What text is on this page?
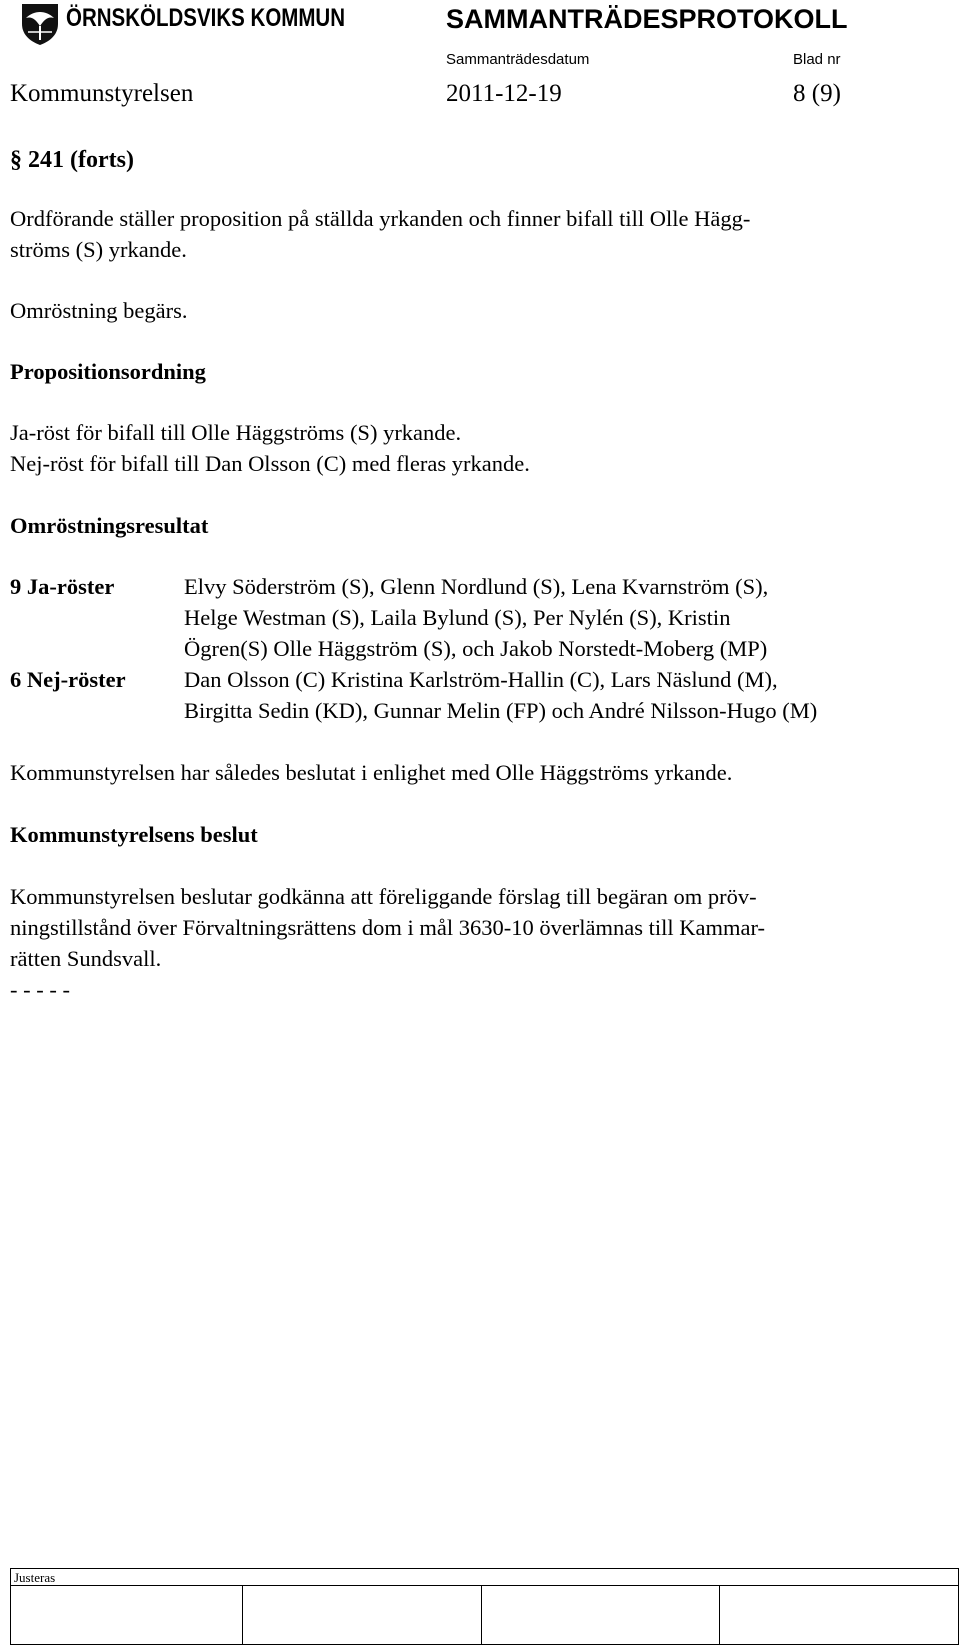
ÖRNSKÖLDSVIKS KOMMUN	SAMMANTRÄDESPROTOKOLL
Sammanträdesdatum	Blad nr
Kommunstyrelsen	2011-12-19	8 (9)
§ 241 (forts)
Ordförande ställer proposition på ställda yrkanden och finner bifall till Olle Hägg-
ströms (S) yrkande.
Omröstning begärs.
Propositionsordning
Ja-röst för bifall till Olle Häggströms (S) yrkande.
Nej-röst för bifall till Dan Olsson (C) med fleras yrkande.
Omröstningsresultat
9 Ja-röster	Elvy Söderström (S), Glenn Nordlund (S), Lena Kvarnström (S),
Helge Westman (S), Laila Bylund (S), Per Nylén (S), Kristin
Ögren(S) Olle Häggström (S), och Jakob Norstedt-Moberg (MP)
6 Nej-röster	Dan Olsson (C) Kristina Karlström-Hallin (C), Lars Näslund (M),
Birgitta Sedin (KD), Gunnar Melin (FP) och André Nilsson-Hugo (M)
Kommunstyrelsen har således beslutat i enlighet med Olle Häggströms yrkande.
Kommunstyrelsens beslut
Kommunstyrelsen beslutar godkänna att föreliggande förslag till begäran om pröv-
ningstillstånd över Förvaltningsrättens dom i mål 3630-10 överlämnas till Kammar-
rätten Sundsvall.
- - - - -
Justeras
